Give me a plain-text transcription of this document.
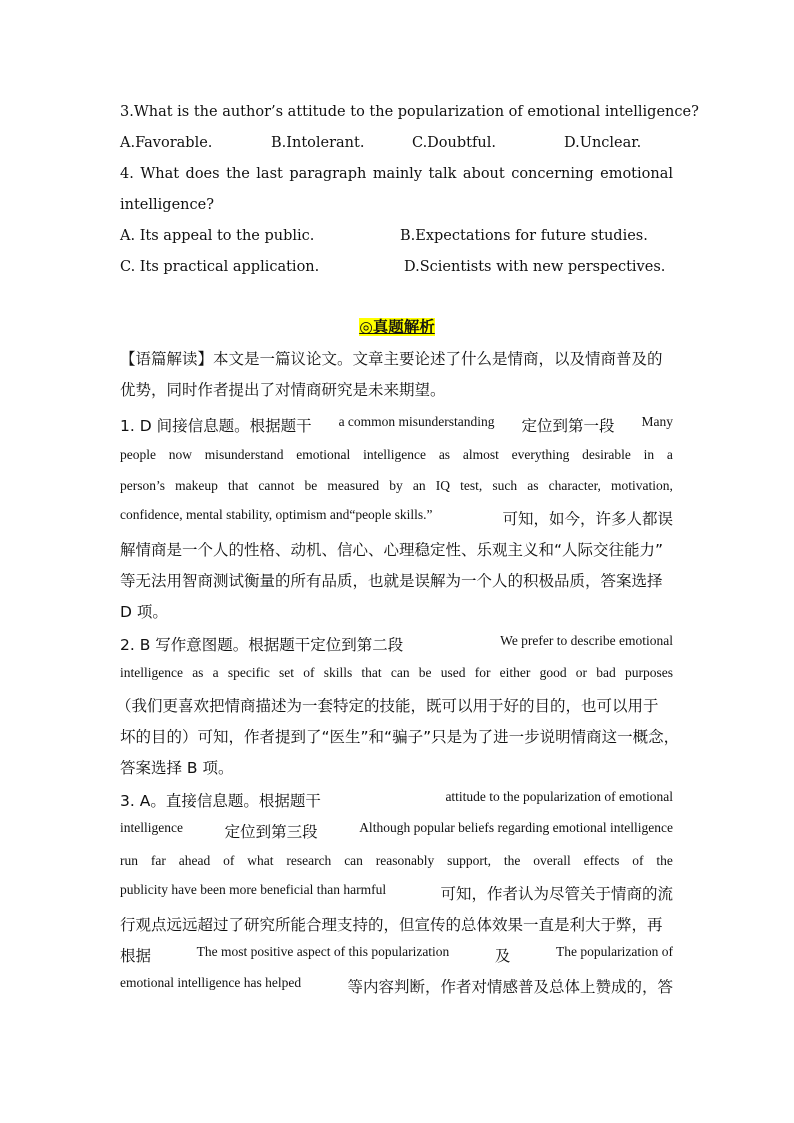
3.What is the author’s attitude to the popularization of emotional intelligence?
A.Favorable.	B.Intolerant.	C.Doubtful.	D.Unclear.
4. What does the last paragraph mainly talk about concerning emotional
intelligence?
A. Its appeal to the public.	B.Expectations for future studies.
C. Its practical application.	D.Scientists with new perspectives.
◎真题解析
【语篇解读】本文是一篇议论文。文章主要论述了什么是情商，以及情商普及的
优势，同时作者提出了对情商研究是未来期望。
1. D 间接信息题。根据题干 a common misunderstanding 定位到第一段 Many
people now misunderstand emotional intelligence as almost everything desirable in a
person’s makeup that cannot be measured by an IQ test, such as character, motivation,
confidence, mental stability, optimism and“people skills.”	可知，如今，许多人都误
解情商是一个人的性格、动机、信心、心理稳定性、乐观主义和“人际交往能力”
等无法用智商测试衡量的所有品质，也就是误解为一个人的积极品质，答案选择
D 项。
2. B 写作意图题。根据题干定位到第二段	We prefer to describe emotional
intelligence as a specific set of skills that can be used for either good or bad purposes
（我们更喜欢把情商描述为一套特定的技能，既可以用于好的目的，也可以用于
坏的目的）可知，作者提到了“医生”和“骗子”只是为了进一步说明情商这一概念，
答案选择 B 项。
3. A。直接信息题。根据题干	attitude to the popularization of emotional
intelligence	定位到第三段	Although popular beliefs regarding emotional intelligence
run far ahead of what research can reasonably support, the overall effects of the
publicity have been more beneficial than harmful	可知，作者认为尽管关于情商的流
行观点远远超过了研究所能合理支持的，但宣传的总体效果一直是利大于弊，再
根据	The most positive aspect of this popularization	及	The popularization of
emotional intelligence has helped	等内容判断，作者对情感普及总体上赞成的，答
